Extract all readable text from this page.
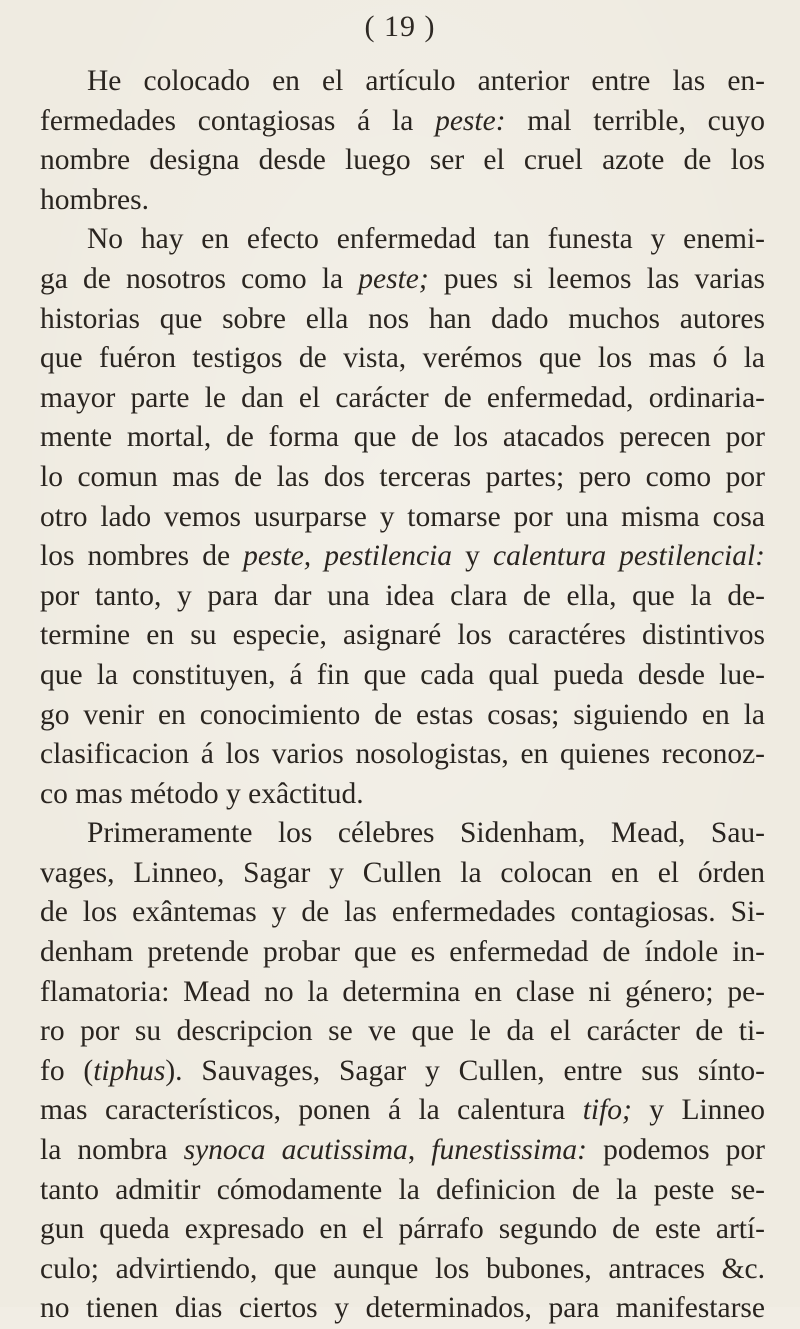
( 19 )
He colocado en el artículo anterior entre las en-
fermedades contagiosas á la peste: mal terrible, cuyo
nombre designa desde luego ser el cruel azote de los
hombres.
No hay en efecto enfermedad tan funesta y enemi-
ga de nosotros como la peste; pues si leemos las varias
historias que sobre ella nos han dado muchos autores
que fuéron testigos de vista, verémos que los mas ó la
mayor parte le dan el carácter de enfermedad, ordinaria-
mente mortal, de forma que de los atacados perecen por
lo comun mas de las dos terceras partes; pero como por
otro lado vemos usurparse y tomarse por una misma cosa
los nombres de peste, pestilencia y calentura pestilencial:
por tanto, y para dar una idea clara de ella, que la de-
termine en su especie, asignaré los caractéres distintivos
que la constituyen, á fin que cada qual pueda desde lue-
go venir en conocimiento de estas cosas; siguiendo en la
clasificacion á los varios nosologistas, en quienes reconoz-
co mas método y exâctitud.
Primeramente los célebres Sidenham, Mead, Sau-
vages, Linneo, Sagar y Cullen la colocan en el órden
de los exântemas y de las enfermedades contagiosas. Si-
denham pretende probar que es enfermedad de índole in-
flamatoria: Mead no la determina en clase ni género; pe-
ro por su descripcion se ve que le da el carácter de ti-
fo (tiphus). Sauvages, Sagar y Cullen, entre sus sínto-
mas característicos, ponen á la calentura tifo; y Linneo
la nombra synoca acutissima, funestissima: podemos por
tanto admitir cómodamente la definicion de la peste se-
gun queda expresado en el párrafo segundo de este artí-
culo; advirtiendo, que aunque los bubones, antraces &c.
no tienen dias ciertos y determinados, para manifestarse
